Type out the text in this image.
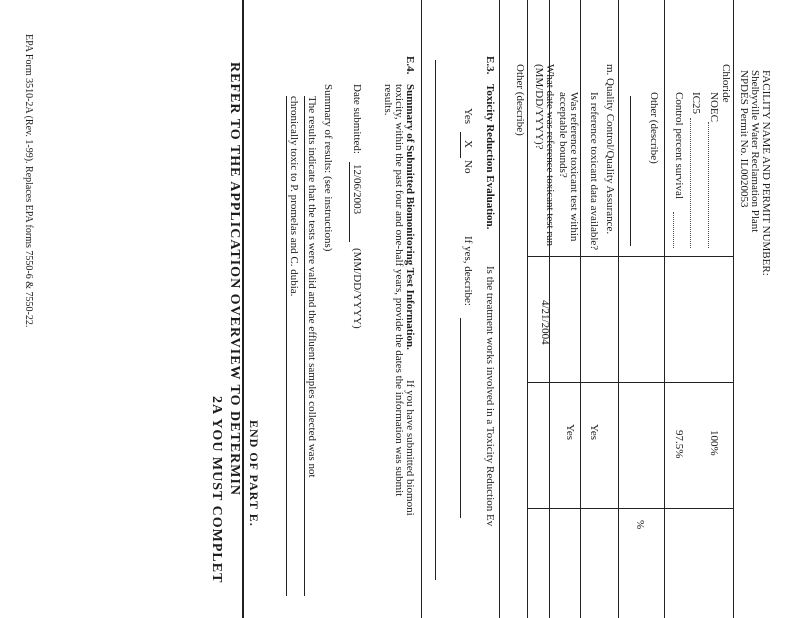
FACILITY NAME AND PERMIT NUMBER:
Shelbyville Water Reclamation Plant
NPDES Permit No. IL0020053
Chloride
NOEC
100%
IC25
Control percent survival
97.5%
Other (describe)
%
m. Quality Control/Quality Assurance.
Is reference toxicant data available?
Yes
Was reference toxicant test within
acceptable bounds?
Yes
What date was reference toxicant test run
(MM/DD/YYYY)?
4/21/2004
Other (describe)
E.3.
Toxicity Reduction Evaluation.
Is the treatment works involved in a Toxicity Reduction Ev
Yes
X
No
If yes, describe:
E.4.
Summary of Submitted Biomonitoring Test Information.
If you have submitted biomoni
toxicity, within the past four and one-half years, provide the dates the information was submit
results.
Date submitted:
12/06/2003
(MM/DD/YYYY)
Summary of results: (see instructions)
The results indicate that the tests were valid and the effluent samples collected was not
chronically toxic to P. promelas and C. dubia.
END OF PART E.
REFER TO THE APPLICATION OVERVIEW TO DETERMIN
2A YOU MUST COMPLET
EPA Form 3510-2A (Rev. 1-99). Replaces EPA forms 7550-6 & 7550-22.
